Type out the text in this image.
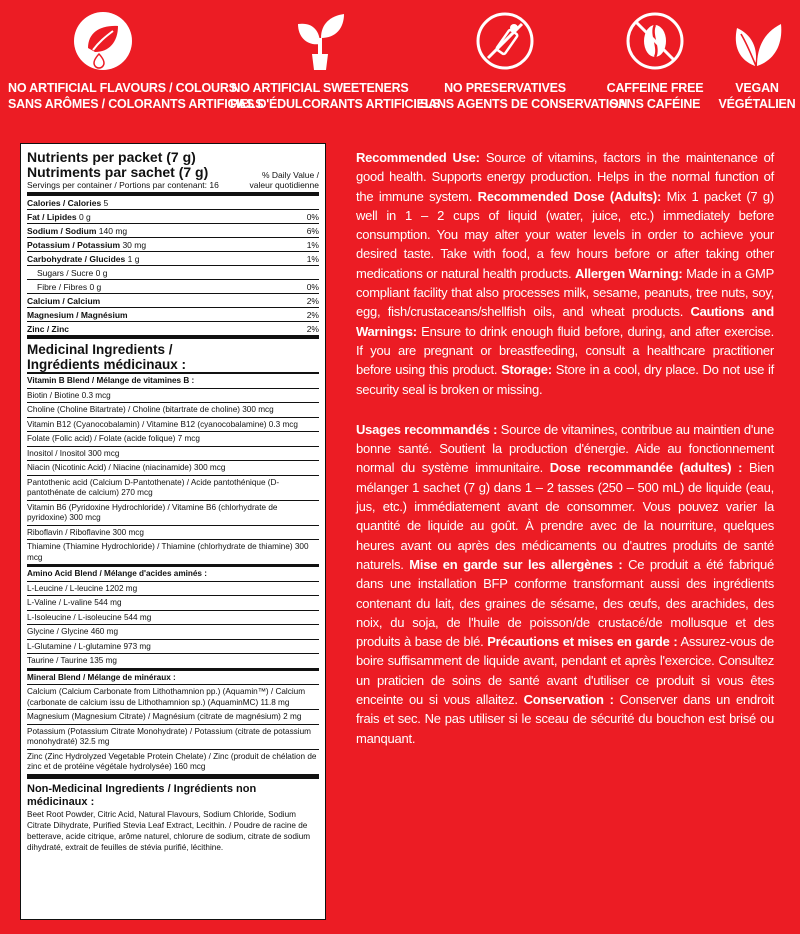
NO ARTIFICIAL FLAVOURS / COLOURS
SANS ARÔMES / COLORANTS ARTIFICIELS
NO ARTIFICIAL SWEETENERS
PAS D'ÉDULCORANTS ARTIFICIELS
NO PRESERVATIVES
SANS AGENTS DE CONSERVATION
CAFFEINE FREE
SANS CAFÉINE
VEGAN
VÉGÉTALIEN
Nutrients per packet (7 g)
Nutriments par sachet (7 g)
Servings per container / Portions par contenant: 16
% Daily Value /
valeur quotidienne
Calories / Calories 5
Fat / Lipides 0 g	0%
Sodium / Sodium 140 mg	6%
Potassium / Potassium 30 mg	1%
Carbohydrate / Glucides 1 g	1%
Sugars / Sucre 0 g
Fibre / Fibres 0 g	0%
Calcium / Calcium	2%
Magnesium / Magnésium	2%
Zinc / Zinc	2%
Medicinal Ingredients /
Ingrédients médicinaux :
Vitamin B Blend / Mélange de vitamines B :
Biotin / Biotine 0.3 mcg
Choline (Choline Bitartrate) / Choline (bitartrate de choline) 300 mcg
Vitamin B12 (Cyanocobalamin) / Vitamine B12 (cyanocobalamine) 0.3 mcg
Folate (Folic acid) / Folate (acide folique) 7 mcg
Inositol / Inositol 300 mcg
Niacin (Nicotinic Acid) / Niacine (niacinamide) 300 mcg
Pantothenic acid (Calcium D-Pantothenate) / Acide pantothénique (D-pantothénate de calcium) 270 mcg
Vitamin B6 (Pyridoxine Hydrochloride) / Vitamine B6 (chlorhydrate de pyridoxine) 300 mcg
Riboflavin / Riboflavine 300 mcg
Thiamine (Thiamine Hydrochloride) / Thiamine (chlorhydrate de thiamine) 300 mcg
Amino Acid Blend / Mélange d'acides aminés :
L-Leucine / L-leucine 1202 mg
L-Valine / L-valine 544 mg
L-Isoleucine / L-isoleucine 544 mg
Glycine / Glycine 460 mg
L-Glutamine / L-glutamine 973 mg
Taurine / Taurine 135 mg
Mineral Blend / Mélange de minéraux :
Calcium (Calcium Carbonate from Lithothamnion pp.) (Aquamin™) / Calcium (carbonate de calcium issu de Lithothamnion sp.) (AquaminMC) 11.8 mg
Magnesium (Magnesium Citrate) / Magnésium (citrate de magnésium) 2 mg
Potassium (Potassium Citrate Monohydrate) / Potassium (citrate de potassium monohydraté) 32.5 mg
Zinc (Zinc Hydrolyzed Vegetable Protein Chelate) / Zinc (produit de chélation de zinc et de protéine végétale hydrolysée) 160 mcg
Non-Medicinal Ingredients / Ingrédients non médicinaux :
Beet Root Powder, Citric Acid, Natural Flavours, Sodium Chloride, Sodium Citrate Dihydrate, Purified Stevia Leaf Extract, Lecithin. / Poudre de racine de betterave, acide citrique, arôme naturel, chlorure de sodium, citrate de sodium dihydraté, extrait de feuilles de stévia purifié, lécithine.

Recommended Use: Source of vitamins, factors in the maintenance of good health. Supports energy production. Helps in the normal function of the immune system. Recommended Dose (Adults): Mix 1 packet (7 g) well in 1 – 2 cups of liquid (water, juice, etc.) immediately before consumption. You may alter your water levels in order to achieve your desired taste. Take with food, a few hours before or after taking other medications or natural health products. Allergen Warning: Made in a GMP compliant facility that also processes milk, sesame, peanuts, tree nuts, soy, egg, fish/crustaceans/shellfish oils, and wheat products. Cautions and Warnings: Ensure to drink enough fluid before, during, and after exercise. If you are pregnant or breastfeeding, consult a healthcare practitioner before using this product. Storage: Store in a cool, dry place. Do not use if security seal is broken or missing.

Usages recommandés : Source de vitamines, contribue au maintien d'une bonne santé. Soutient la production d'énergie. Aide au fonctionnement normal du système immunitaire. Dose recommandée (adultes) : Bien mélanger 1 sachet (7 g) dans 1 – 2 tasses (250 – 500 mL) de liquide (eau, jus, etc.) immédiatement avant de consommer. Vous pouvez varier la quantité de liquide au goût. À prendre avec de la nourriture, quelques heures avant ou après des médicaments ou d'autres produits de santé naturels. Mise en garde sur les allergènes : Ce produit a été fabriqué dans une installation BFP conforme transformant aussi des ingrédients contenant du lait, des graines de sésame, des œufs, des arachides, des noix, du soja, de l'huile de poisson/de crustacé/de mollusque et des produits à base de blé. Précautions et mises en garde : Assurez-vous de boire suffisamment de liquide avant, pendant et après l'exercice. Consultez un praticien de soins de santé avant d'utiliser ce produit si vous êtes enceinte ou si vous allaitez. Conservation : Conserver dans un endroit frais et sec. Ne pas utiliser si le sceau de sécurité du bouchon est brisé ou manquant.
